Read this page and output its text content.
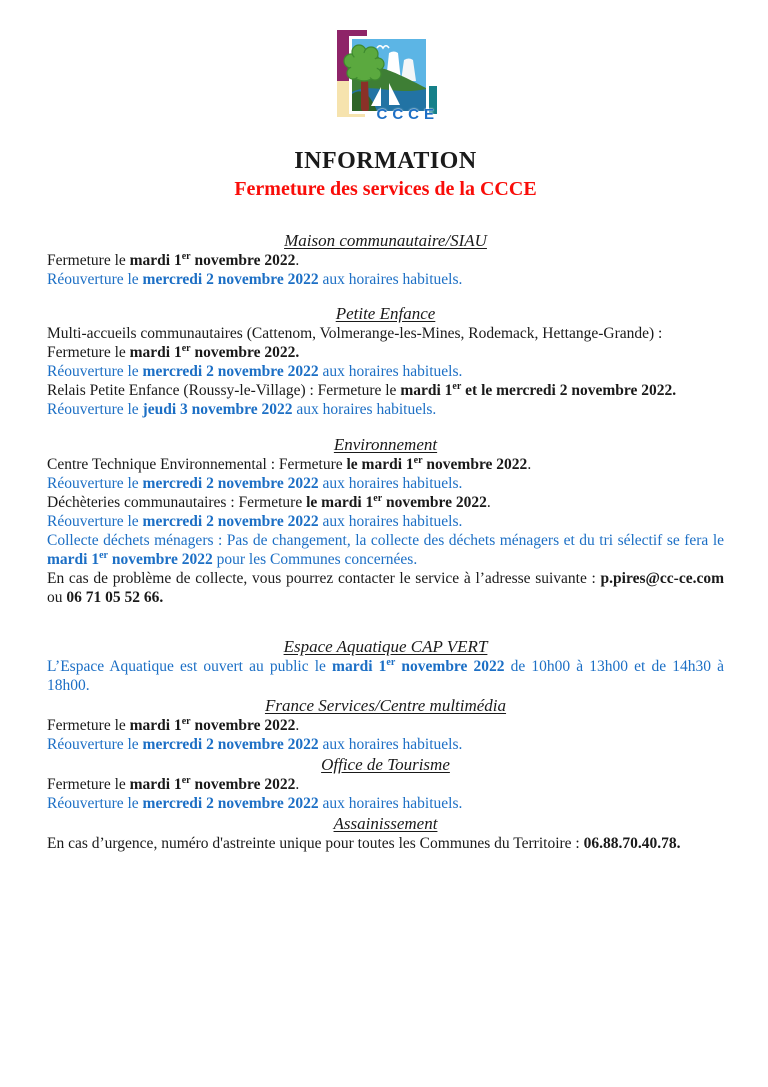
CCCE
INFORMATION
Fermeture des services de la CCCE
Maison communautaire/SIAU

Fermeture le mardi 1er novembre 2022.

Réouverture le mercredi 2 novembre 2022 aux horaires habituels.

Petite Enfance

Multi-accueils communautaires (Cattenom, Volmerange-les-Mines, Rodemack, Hettange-Grande) :

Fermeture le mardi 1er novembre 2022.

Réouverture le mercredi 2 novembre 2022 aux horaires habituels.

Relais Petite Enfance (Roussy-le-Village) : Fermeture le mardi 1er et le mercredi 2 novembre 2022.

Réouverture le jeudi 3 novembre 2022 aux horaires habituels.

Environnement

Centre Technique Environnemental : Fermeture le mardi 1er novembre 2022.

Réouverture le mercredi 2 novembre 2022 aux horaires habituels.

Déchèteries communautaires : Fermeture le mardi 1er novembre 2022.

Réouverture le mercredi 2 novembre 2022 aux horaires habituels.

Collecte déchets ménagers : Pas de changement, la collecte des déchets ménagers et du tri sélectif se fera le mardi 1er novembre 2022 pour les Communes concernées.

En cas de problème de collecte, vous pourrez contacter le service à l’adresse suivante : p.pires@cc-ce.com ou 06 71 05 52 66.

Espace Aquatique CAP VERT

L’Espace Aquatique est ouvert au public le mardi 1er novembre 2022 de 10h00 à 13h00 et de 14h30 à 18h00.

France Services/Centre multimédia

Fermeture le mardi 1er novembre 2022.

Réouverture le mercredi 2 novembre 2022 aux horaires habituels.

Office de Tourisme

Fermeture le mardi 1er novembre 2022.

Réouverture le mercredi 2 novembre 2022 aux horaires habituels.

Assainissement

En cas d’urgence, numéro d'astreinte unique pour toutes les Communes du Territoire : 06.88.70.40.78.
